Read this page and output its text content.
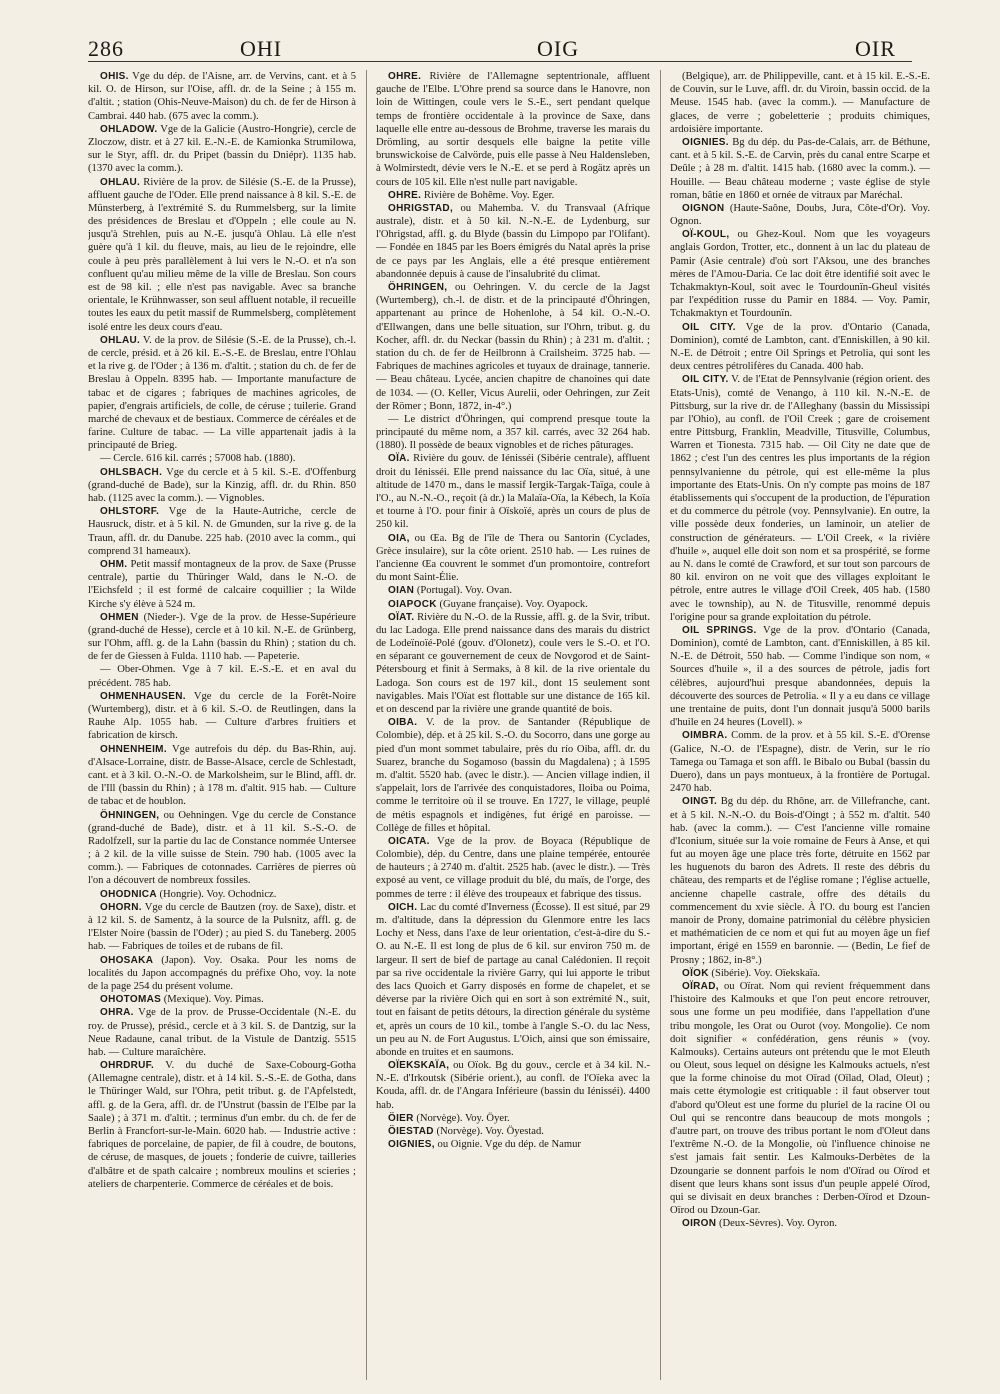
286	OHI	OIG	OIR

OHIS. Vge du dép. de l'Aisne, arr. de Vervins, cant. et à 5 kil. O. de Hirson, sur l'Oise, affl. dr. de la Seine ; à 155 m. d'altit. ; station (Ohis-Neuve-Maison) du ch. de fer de Hirson à Cambrai. 440 hab. (675 avec la comm.).

OHLADOW. Vge de la Galicie (Austro-Hongrie), cercle de Zloczow, distr. et à 27 kil. E.-N.-E. de Kamionka Strumilowa, sur le Styr, affl. dr. du Pripet (bassin du Dniépr). 1135 hab. (1370 avec la comm.).

OHLAU. Rivière de la prov. de Silésie (S.-E. de la Prusse), affluent gauche de l'Oder. Elle prend naissance à 8 kil. S.-E. de Münsterberg, à l'extrémité S. du Rummelsberg, sur la limite des présidences de Breslau et d'Oppeln ; elle coule au N. jusqu'à Strehlen, puis au N.-E. jusqu'à Ohlau. Là elle n'est guère qu'à 1 kil. du fleuve, mais, au lieu de le rejoindre, elle coule à peu près parallèlement à lui vers le N.-O. et n'a son confluent qu'au milieu même de la ville de Breslau. Son cours est de 98 kil. ; elle n'est pas navigable. Avec sa branche orientale, le Krühnwasser, son seul affluent notable, il recueille toutes les eaux du petit massif de Rummelsberg, complètement isolé entre les deux cours d'eau.

OHLAU. V. de la prov. de Silésie (S.-E. de la Prusse), ch.-l. de cercle, présid. et à 26 kil. E.-S.-E. de Breslau, entre l'Ohlau et la rive g. de l'Oder ; à 136 m. d'altit. ; station du ch. de fer de Breslau à Oppeln. 8395 hab. — Importante manufacture de tabac et de cigares ; fabriques de machines agricoles, de papier, d'engrais artificiels, de colle, de céruse ; tuilerie. Grand marché de chevaux et de bestiaux. Commerce de céréales et de farine. Culture de tabac. — La ville appartenait jadis à la principauté de Brieg.

— Cercle. 616 kil. carrés ; 57008 hab. (1880).

OHLSBACH. Vge du cercle et à 5 kil. S.-E. d'Offenburg (grand-duché de Bade), sur la Kinzig, affl. dr. du Rhin. 850 hab. (1125 avec la comm.). — Vignobles.

OHLSTORF. Vge de la Haute-Autriche, cercle de Hausruck, distr. et à 5 kil. N. de Gmunden, sur la rive g. de la Traun, affl. dr. du Danube. 225 hab. (2010 avec la comm., qui comprend 31 hameaux).

OHM. Petit massif montagneux de la prov. de Saxe (Prusse centrale), partie du Thüringer Wald, dans le N.-O. de l'Eichsfeld ; il est formé de calcaire coquillier ; la Wilde Kirche s'y élève à 524 m.

OHMEN (Nieder-). Vge de la prov. de Hesse-Supérieure (grand-duché de Hesse), cercle et à 10 kil. N.-E. de Grünberg, sur l'Ohm, affl. g. de la Lahn (bassin du Rhin) ; station du ch. de fer de Giessen à Fulda. 1110 hab. — Papeterie.

— Ober-Ohmen. Vge à 7 kil. E.-S.-E. et en aval du précédent. 785 hab.

OHMENHAUSEN. Vge du cercle de la Forêt-Noire (Wurtemberg), distr. et à 6 kil. S.-O. de Reutlingen, dans la Rauhe Alp. 1055 hab. — Culture d'arbres fruitiers et fabrication de kirsch.

OHNENHEIM. Vge autrefois du dép. du Bas-Rhin, auj. d'Alsace-Lorraine, distr. de Basse-Alsace, cercle de Schlestadt, cant. et à 3 kil. O.-N.-O. de Markolsheim, sur le Blind, affl. dr. de l'Ill (bassin du Rhin) ; à 178 m. d'altit. 915 hab. — Culture de tabac et de houblon.

ÖHNINGEN, ou Oehningen. Vge du cercle de Constance (grand-duché de Bade), distr. et à 11 kil. S.-S.-O. de Radolfzell, sur la partie du lac de Constance nommée Untersee ; à 2 kil. de la ville suisse de Stein. 790 hab. (1005 avec la comm.). — Fabriques de cotonnades. Carrières de pierres où l'on a découvert de nombreux fossiles.

OHODNICA (Hongrie). Voy. Ochodnicz.

OHORN. Vge du cercle de Bautzen (roy. de Saxe), distr. et à 12 kil. S. de Samentz, à la source de la Pulsnitz, affl. g. de l'Elster Noire (bassin de l'Oder) ; au pied S. du Taneberg. 2005 hab. — Fabriques de toiles et de rubans de fil.

OHOSAKA (Japon). Voy. Osaka. Pour les noms de localités du Japon accompagnés du préfixe Oho, voy. la note de la page 254 du présent volume.

OHOTOMAS (Mexique). Voy. Pimas.

OHRA. Vge de la prov. de Prusse-Occidentale (N.-E. du roy. de Prusse), présid., cercle et à 3 kil. S. de Dantzig, sur la Neue Radaune, canal tribut. de la Vistule de Dantzig. 5515 hab. — Culture maraîchère.

OHRDRUF. V. du duché de Saxe-Cobourg-Gotha (Allemagne centrale), distr. et à 14 kil. S.-S.-E. de Gotha, dans le Thüringer Wald, sur l'Ohra, petit tribut. g. de l'Apfelstedt, affl. g. de la Gera, affl. dr. de l'Unstrut (bassin de l'Elbe par la Saale) ; à 371 m. d'altit. ; terminus d'un embr. du ch. de fer de Berlin à Francfort-sur-le-Main. 6020 hab. — Industrie active : fabriques de porcelaine, de papier, de fil à coudre, de boutons, de céruse, de masques, de jouets ; fonderie de cuivre, tailleries d'albâtre et de spath calcaire ; nombreux moulins et scieries ; ateliers de charpenterie. Commerce de céréales et de bois.

OHRE. Rivière de l'Allemagne septentrionale, affluent gauche de l'Elbe. L'Ohre prend sa source dans le Hanovre, non loin de Wittingen, coule vers le S.-E., sert pendant quelque temps de frontière occidentale à la province de Saxe, dans laquelle elle entre au-dessous de Brohme, traverse les marais du Drömling, au sortir desquels elle baigne la petite ville brunswickoise de Calvörde, puis elle passe à Neu Haldensleben, à Wolmirstedt, dévie vers le N.-E. et se perd à Rogätz après un cours de 105 kil. Elle n'est nulle part navigable.

OHRE. Rivière de Bohême. Voy. Eger.

OHRIGSTAD, ou Mahemba. V. du Transvaal (Afrique australe), distr. et à 50 kil. N.-N.-E. de Lydenburg, sur l'Ohrigstad, affl. g. du Blyde (bassin du Limpopo par l'Olifant). — Fondée en 1845 par les Boers émigrés du Natal après la prise de ce pays par les Anglais, elle a été presque entièrement abandonnée depuis à cause de l'insalubrité du climat.

ÖHRINGEN, ou Oehringen. V. du cercle de la Jagst (Wurtemberg), ch.-l. de distr. et de la principauté d'Öhringen, appartenant au prince de Hohenlohe, à 54 kil. O.-N.-O. d'Ellwangen, dans une belle situation, sur l'Ohrn, tribut. g. du Kocher, affl. dr. du Neckar (bassin du Rhin) ; à 231 m. d'altit. ; station du ch. de fer de Heilbronn à Crailsheim. 3725 hab. — Fabriques de machines agricoles et tuyaux de drainage, tannerie. — Beau château. Lycée, ancien chapitre de chanoines qui date de 1034. — (O. Keller, Vicus Aurelii, oder Oehringen, zur Zeit der Römer ; Bonn, 1872, in-4°.)

— Le district d'Öhringen, qui comprend presque toute la principauté du même nom, a 357 kil. carrés, avec 32 264 hab. (1880). Il possède de beaux vignobles et de riches pâturages.

OÏA. Rivière du gouv. de Iénisséi (Sibérie centrale), affluent droit du Iénisséi. Elle prend naissance du lac Oïa, situé, à une altitude de 1470 m., dans le massif Iergik-Targak-Taïga, coule à l'O., au N.-N.-O., reçoit (à dr.) la Malaïa-Oïa, la Kébech, la Koïa et tourne à l'O. pour finir à Oïskoïé, après un cours de plus de 250 kil.

OIA, ou Œa. Bg de l'île de Thera ou Santorin (Cyclades, Grèce insulaire), sur la côte orient. 2510 hab. — Les ruines de l'ancienne Œa couvrent le sommet d'un promontoire, contrefort du mont Saint-Élie.

OIAN (Portugal). Voy. Ovan.

OIAPOCK (Guyane française). Voy. Oyapock.

OÏAT. Rivière du N.-O. de la Russie, affl. g. de la Svir, tribut. du lac Ladoga. Elle prend naissance dans des marais du district de Lodeïnoïé-Polé (gouv. d'Olonetz), coule vers le S.-O. et l'O. en séparant ce gouvernement de ceux de Novgorod et de Saint-Pétersbourg et finit à Sermaks, à 8 kil. de la rive orientale du Ladoga. Son cours est de 197 kil., dont 15 seulement sont navigables. Mais l'Oïat est flottable sur une distance de 165 kil. et on descend par la rivière une grande quantité de bois.

OIBA. V. de la prov. de Santander (République de Colombie), dép. et à 25 kil. S.-O. du Socorro, dans une gorge au pied d'un mont sommet tabulaire, près du río Oiba, affl. dr. du Suarez, branche du Sogamoso (bassin du Magdalena) ; à 1595 m. d'altit. 5520 hab. (avec le distr.). — Ancien village indien, il s'appelait, lors de l'arrivée des conquistadores, Iloiba ou Poima, comme le territoire où il se trouve. En 1727, le village, peuplé de métis espagnols et indigènes, fut érigé en paroisse. — Collège de filles et hôpital.

OICATA. Vge de la prov. de Boyaca (République de Colombie), dép. du Centre, dans une plaine tempérée, entourée de hauteurs ; à 2740 m. d'altit. 2525 hab. (avec le distr.). — Très exposé au vent, ce village produit du blé, du maïs, de l'orge, des pommes de terre : il élève des troupeaux et fabrique des tissus.

OICH. Lac du comté d'Inverness (Écosse). Il est situé, par 29 m. d'altitude, dans la dépression du Glenmore entre les lacs Lochy et Ness, dans l'axe de leur orientation, c'est-à-dire du S.-O. au N.-E. Il est long de plus de 6 kil. sur environ 750 m. de largeur. Il sert de bief de partage au canal Calédonien. Il reçoit par sa rive occidentale la rivière Garry, qui lui apporte le tribut des lacs Quoich et Garry disposés en forme de chapelet, et se déverse par la rivière Oich qui en sort à son extrémité N., suit, tout en faisant de petits détours, la direction générale du système et, après un cours de 10 kil., tombe à l'angle S.-O. du lac Ness, un peu au N. de Fort Augustus. L'Oich, ainsi que son émissaire, abonde en truites et en saumons.

OÏEKSKAÏA, ou Oïok. Bg du gouv., cercle et à 34 kil. N.-N.-E. d'Irkoutsk (Sibérie orient.), au confl. de l'Oïeka avec la Kouda, affl. dr. de l'Angara Inférieure (bassin du Iénisséi). 4400 hab.

ÖIER (Norvège). Voy. Öyer.

ÖIESTAD (Norvège). Voy. Öyestad.

OIGNIES, ou Oignie. Vge du dép. de Namur

(Belgique), arr. de Philippeville, cant. et à 15 kil. E.-S.-E. de Couvin, sur le Luve, affl. dr. du Viroin, bassin occid. de la Meuse. 1545 hab. (avec la comm.). — Manufacture de glaces, de verre ; gobeletterie ; produits chimiques, ardoisière importante.

OIGNIES. Bg du dép. du Pas-de-Calais, arr. de Béthune, cant. et à 5 kil. S.-E. de Carvin, près du canal entre Scarpe et Deûle ; à 28 m. d'altit. 1415 hab. (1680 avec la comm.). — Houille. — Beau château moderne ; vaste église de style roman, bâtie en 1860 et ornée de vitraux par Maréchal.

OIGNON (Haute-Saône, Doubs, Jura, Côte-d'Or). Voy. Ognon.

OÏ-KOUL, ou Ghez-Koul. Nom que les voyageurs anglais Gordon, Trotter, etc., donnent à un lac du plateau de Pamir (Asie centrale) d'où sort l'Aksou, une des branches mères de l'Amou-Daria. Ce lac doit être identifié soit avec le Tchakmaktyn-Koul, soit avec le Tourdounïn-Gheul visités par l'expédition russe du Pamir en 1884. — Voy. Pamir, Tchakmaktyn et Tourdounïn.

OIL CITY. Vge de la prov. d'Ontario (Canada, Dominion), comté de Lambton, cant. d'Enniskillen, à 90 kil. N.-E. de Détroit ; entre Oil Springs et Petrolia, qui sont les deux centres pétrolifères du Canada. 400 hab.

OIL CITY. V. de l'Etat de Pennsylvanie (région orient. des Etats-Unis), comté de Venango, à 110 kil. N.-N.-E. de Pittsburg, sur la rive dr. de l'Alleghany (bassin du Mississipi par l'Ohio), au confl. de l'Oil Creek ; gare de croisement entre Pittsburg, Franklin, Meadville, Titusville, Columbus, Warren et Tionesta. 7315 hab. — Oil City ne date que de 1862 ; c'est l'un des centres les plus importants de la région pennsylvanienne du pétrole, qui est elle-même la plus importante des Etats-Unis. On n'y compte pas moins de 187 établissements qui s'occupent de la production, de l'épuration et du commerce du pétrole (voy. Pennsylvanie). En outre, la ville possède deux fonderies, un laminoir, un atelier de construction de générateurs. — L'Oil Creek, « la rivière d'huile », auquel elle doit son nom et sa prospérité, se forme au N. dans le comté de Crawford, et sur tout son parcours de 80 kil. environ on ne voit que des villages exploitant le pétrole, entre autres le village d'Oil Creek, 405 hab. (1580 avec le township), au N. de Titusville, renommé depuis l'origine pour sa grande exploitation du pétrole.

OIL SPRINGS. Vge de la prov. d'Ontario (Canada, Dominion), comté de Lambton, cant. d'Enniskillen, à 85 kil. N.-E. de Détroit, 550 hab. — Comme l'indique son nom, « Sources d'huile », il a des sources de pétrole, jadis fort célèbres, aujourd'hui presque abandonnées, depuis la découverte des sources de Petrolia. « Il y a eu dans ce village une trentaine de puits, dont l'un donnait jusqu'à 5000 barils d'huile en 24 heures (Lovell). »

OIMBRA. Comm. de la prov. et à 55 kil. S.-E. d'Orense (Galice, N.-O. de l'Espagne), distr. de Verin, sur le río Tamega ou Tamaga et son affl. le Bibalo ou Bubal (bassin du Duero), dans un pays montueux, à la frontière de Portugal. 2470 hab.

OINGT. Bg du dép. du Rhône, arr. de Villefranche, cant. et à 5 kil. N.-N.-O. du Bois-d'Oingt ; à 552 m. d'altit. 540 hab. (avec la comm.). — C'est l'ancienne ville romaine d'Iconium, située sur la voie romaine de Feurs à Anse, et qui fut au moyen âge une place très forte, détruite en 1562 par les huguenots du baron des Adrets. Il reste des débris du château, des remparts et de l'église romane ; l'église actuelle, ancienne chapelle castrale, offre des détails du commencement du xvie siècle. À l'O. du bourg est l'ancien manoir de Prony, domaine patrimonial du célèbre physicien et mathématicien de ce nom et qui fut au moyen âge un fief important, érigé en 1559 en baronnie. — (Bedin, Le fief de Prosny ; 1862, in-8°.)

OÏOK (Sibérie). Voy. Oïekskaïa.

OÏRAD, ou Oïrat. Nom qui revient fréquemment dans l'histoire des Kalmouks et que l'on peut encore retrouver, sous une forme un peu modifiée, dans l'appellation d'une tribu mongole, les Orat ou Ourot (voy. Mongolie). Ce nom doit signifier « confédération, gens réunis » (voy. Kalmouks). Certains auteurs ont prétendu que le mot Eleuth ou Oleut, sous lequel on désigne les Kalmouks actuels, n'est que la forme chinoise du mot Oïrad (Oïlad, Olad, Oleut) ; mais cette étymologie est critiquable : il faut observer tout d'abord qu'Oleut est une forme du pluriel de la racine Ol ou Oul qui se rencontre dans beaucoup de mots mongols ; d'autre part, on trouve des tribus portant le nom d'Oleut dans l'extrême N.-O. de la Mongolie, où l'influence chinoise ne s'est jamais fait sentir. Les Kalmouks-Derbètes de la Dzoungarie se donnent parfois le nom d'Oïrad ou Oïrod et disent que leurs khans sont issus d'un peuple appelé Oïrod, qui se divisait en deux branches : Derben-Oïrod et Dzoun-Oïrod ou Dzoun-Gar.

OIRON (Deux-Sèvres). Voy. Oyron.
